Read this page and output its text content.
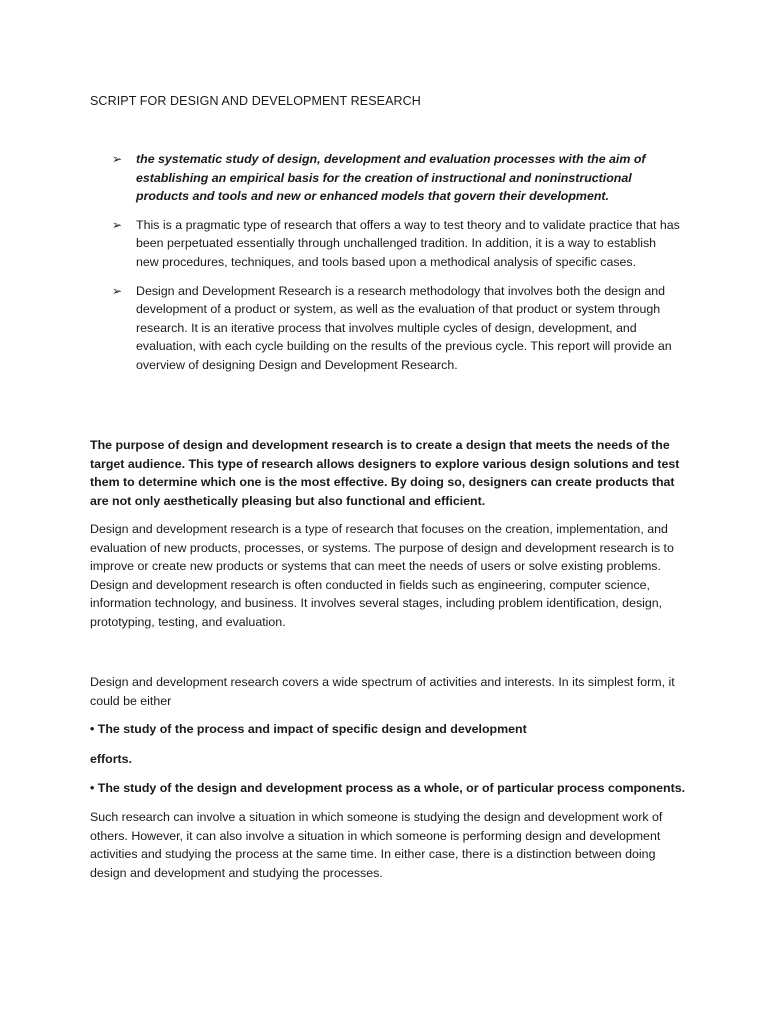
SCRIPT FOR DESIGN AND DEVELOPMENT RESEARCH
➢ the systematic study of design, development and evaluation processes with the aim of establishing an empirical basis for the creation of instructional and noninstructional products and tools and new or enhanced models that govern their development.
➢ This is a pragmatic type of research that offers a way to test theory and to validate practice that has been perpetuated essentially through unchallenged tradition. In addition, it is a way to establish new procedures, techniques, and tools based upon a methodical analysis of specific cases.
➢ Design and Development Research is a research methodology that involves both the design and development of a product or system, as well as the evaluation of that product or system through research. It is an iterative process that involves multiple cycles of design, development, and evaluation, with each cycle building on the results of the previous cycle. This report will provide an overview of designing Design and Development Research.

The purpose of design and development research is to create a design that meets the needs of the target audience. This type of research allows designers to explore various design solutions and test them to determine which one is the most effective. By doing so, designers can create products that are not only aesthetically pleasing but also functional and efficient.

Design and development research is a type of research that focuses on the creation, implementation, and evaluation of new products, processes, or systems. The purpose of design and development research is to improve or create new products or systems that can meet the needs of users or solve existing problems. Design and development research is often conducted in fields such as engineering, computer science, information technology, and business. It involves several stages, including problem identification, design, prototyping, testing, and evaluation.

Design and development research covers a wide spectrum of activities and interests. In its simplest form, it could be either

• The study of the process and impact of specific design and development

efforts.

• The study of the design and development process as a whole, or of particular process components.

Such research can involve a situation in which someone is studying the design and development work of others. However, it can also involve a situation in which someone is performing design and development activities and studying the process at the same time. In either case, there is a distinction between doing design and development and studying the processes.
